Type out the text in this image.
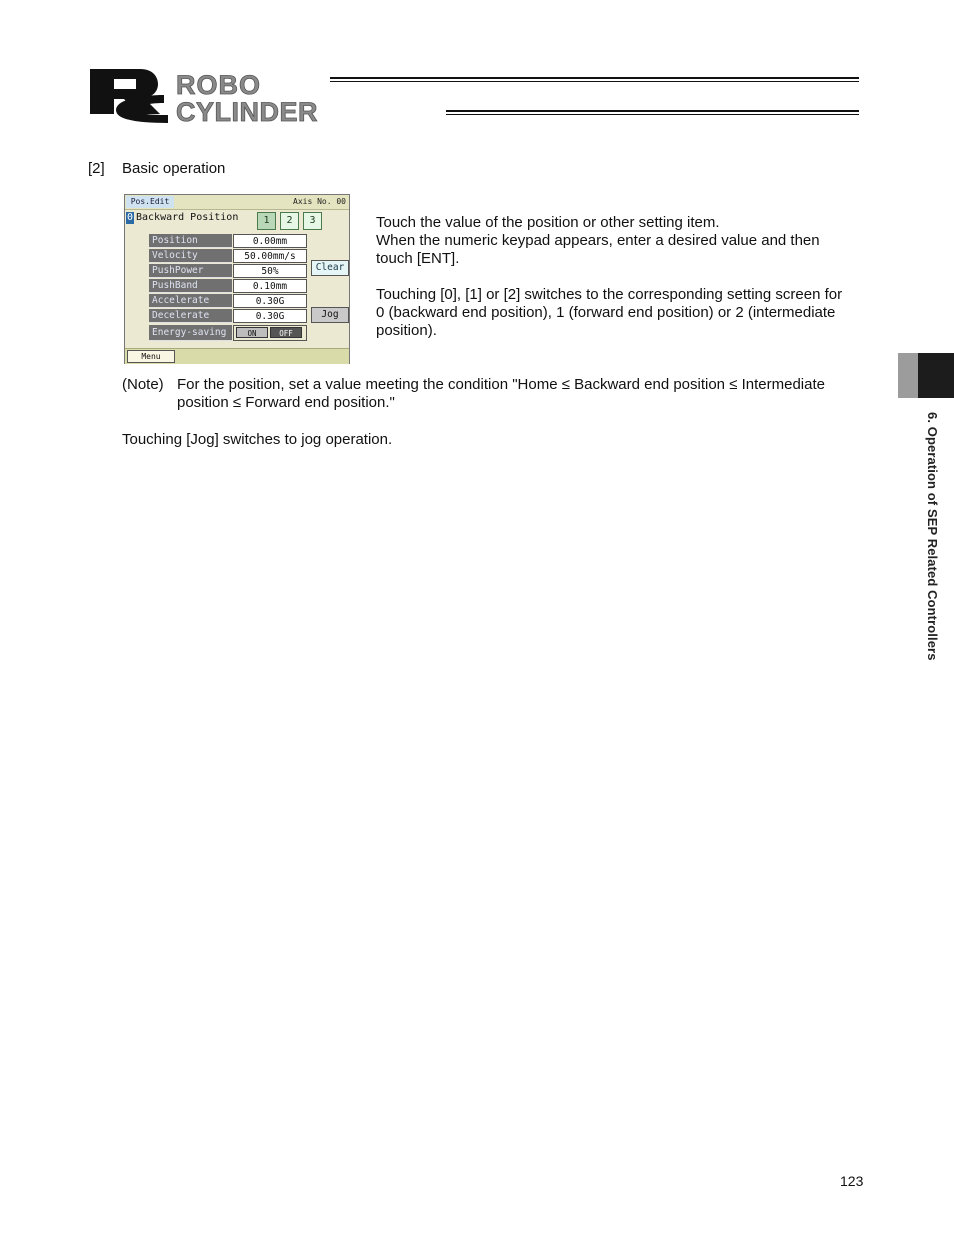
ROBO
CYLINDER
[2] Basic operation
Pos.Edit	Axis No. 00
0 Backward Position	1	2	3
Position	0.00mm
Velocity	50.00mm/s
PushPower	50%
PushBand	0.10mm
Accelerate	0.30G
Decelerate	0.30G
Energy-saving	ON	OFF
Clear
Jog
Menu
Touch the value of the position or other setting item.
When the numeric keypad appears, enter a desired value and then
touch [ENT].
Touching [0], [1] or [2] switches to the corresponding setting screen for
0 (backward end position), 1 (forward end position) or 2 (intermediate
position).
(Note) For the position, set a value meeting the condition "Home ≤ Backward end position ≤ Intermediate
position ≤ Forward end position."
Touching [Jog] switches to jog operation.	6. Operation of SEP Related Controllers
123
